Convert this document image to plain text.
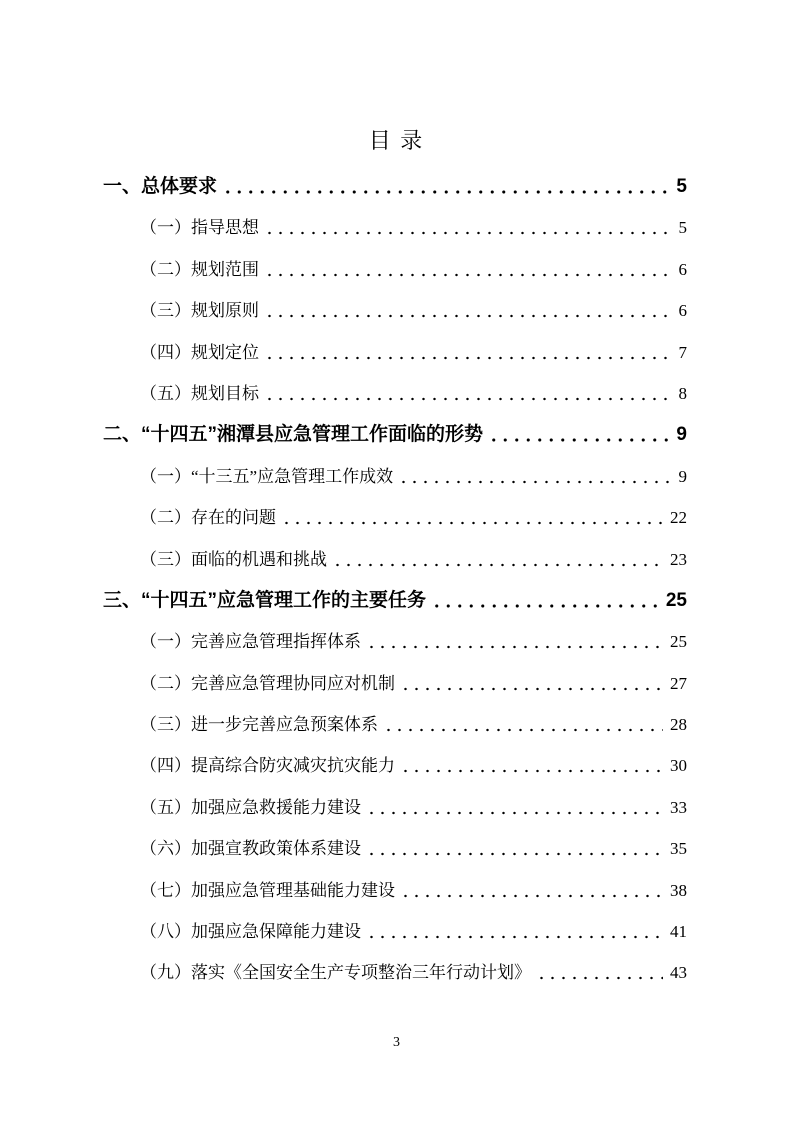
目 录
一、总体要求	5
（一）指导思想	5
（二）规划范围	6
（三）规划原则	6
（四）规划定位	7
（五）规划目标	8
二、“十四五”湘潭县应急管理工作面临的形势	9
（一）“十三五”应急管理工作成效	9
（二）存在的问题	22
（三）面临的机遇和挑战	23
三、“十四五”应急管理工作的主要任务	25
（一）完善应急管理指挥体系	25
（二）完善应急管理协同应对机制	27
（三）进一步完善应急预案体系	28
（四）提高综合防灾减灾抗灾能力	30
（五）加强应急救援能力建设	33
（六）加强宣教政策体系建设	35
（七）加强应急管理基础能力建设	38
（八）加强应急保障能力建设	41
（九）落实《全国安全生产专项整治三年行动计划》	43
3
